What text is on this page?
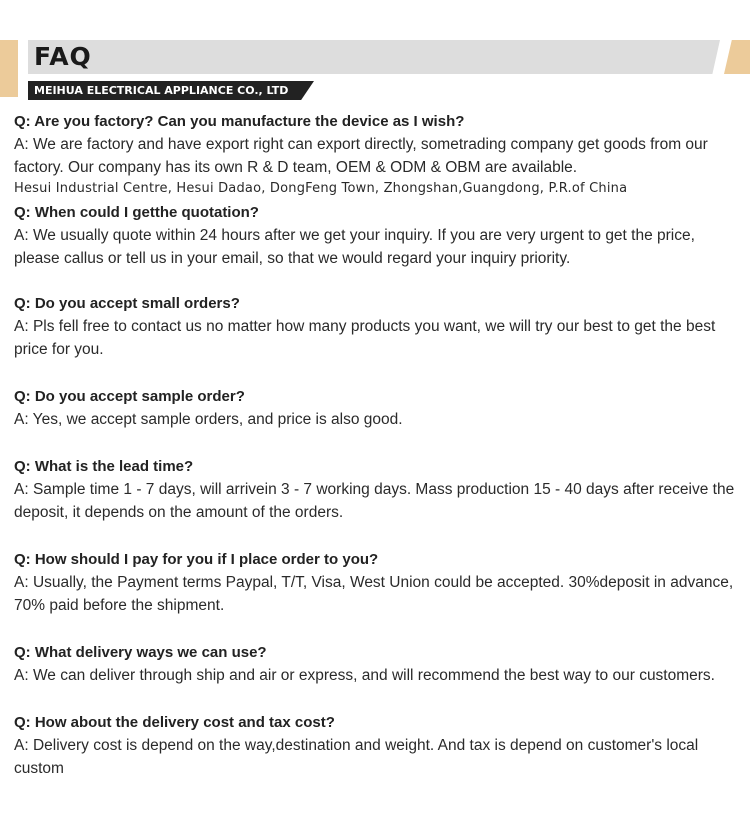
FAQ
MEIHUA ELECTRICAL APPLIANCE CO., LTD
Q: Are you factory? Can you manufacture the device as I wish?

A: We are factory and have export right can export directly, sometrading company get goods from our factory. Our company has its own R & D team, OEM & ODM & OBM are available.

Hesui Industrial Centre, Hesui Dadao, DongFeng Town, Zhongshan,Guangdong, P.R.of China
Q: When could I getthe quotation?

A: We usually quote within 24 hours after we get your inquiry. If you are very urgent to get the price, please callus or tell us in your email, so that we would regard your inquiry priority.

Q: Do you accept small orders?

A: Pls fell free to contact us no matter how many products you want, we will try our best to get the best price for you.

Q: Do you accept sample order?

A: Yes, we accept sample orders, and price is also good.

Q: What is the lead time?

A: Sample time 1 - 7 days, will arrivein 3 - 7 working days. Mass production 15 - 40 days after receive the deposit, it depends on the amount of the orders.

Q: How should I pay for you if I place order to you?

A: Usually, the Payment terms Paypal, T/T, Visa, West Union could be accepted. 30%deposit in advance, 70% paid before the shipment.

Q: What delivery ways we can use?

A: We can deliver through ship and air or express, and will recommend the best way to our customers.

Q: How about the delivery cost and tax cost?

A: Delivery cost is depend on the way,destination and weight. And tax is depend on customer's local custom
